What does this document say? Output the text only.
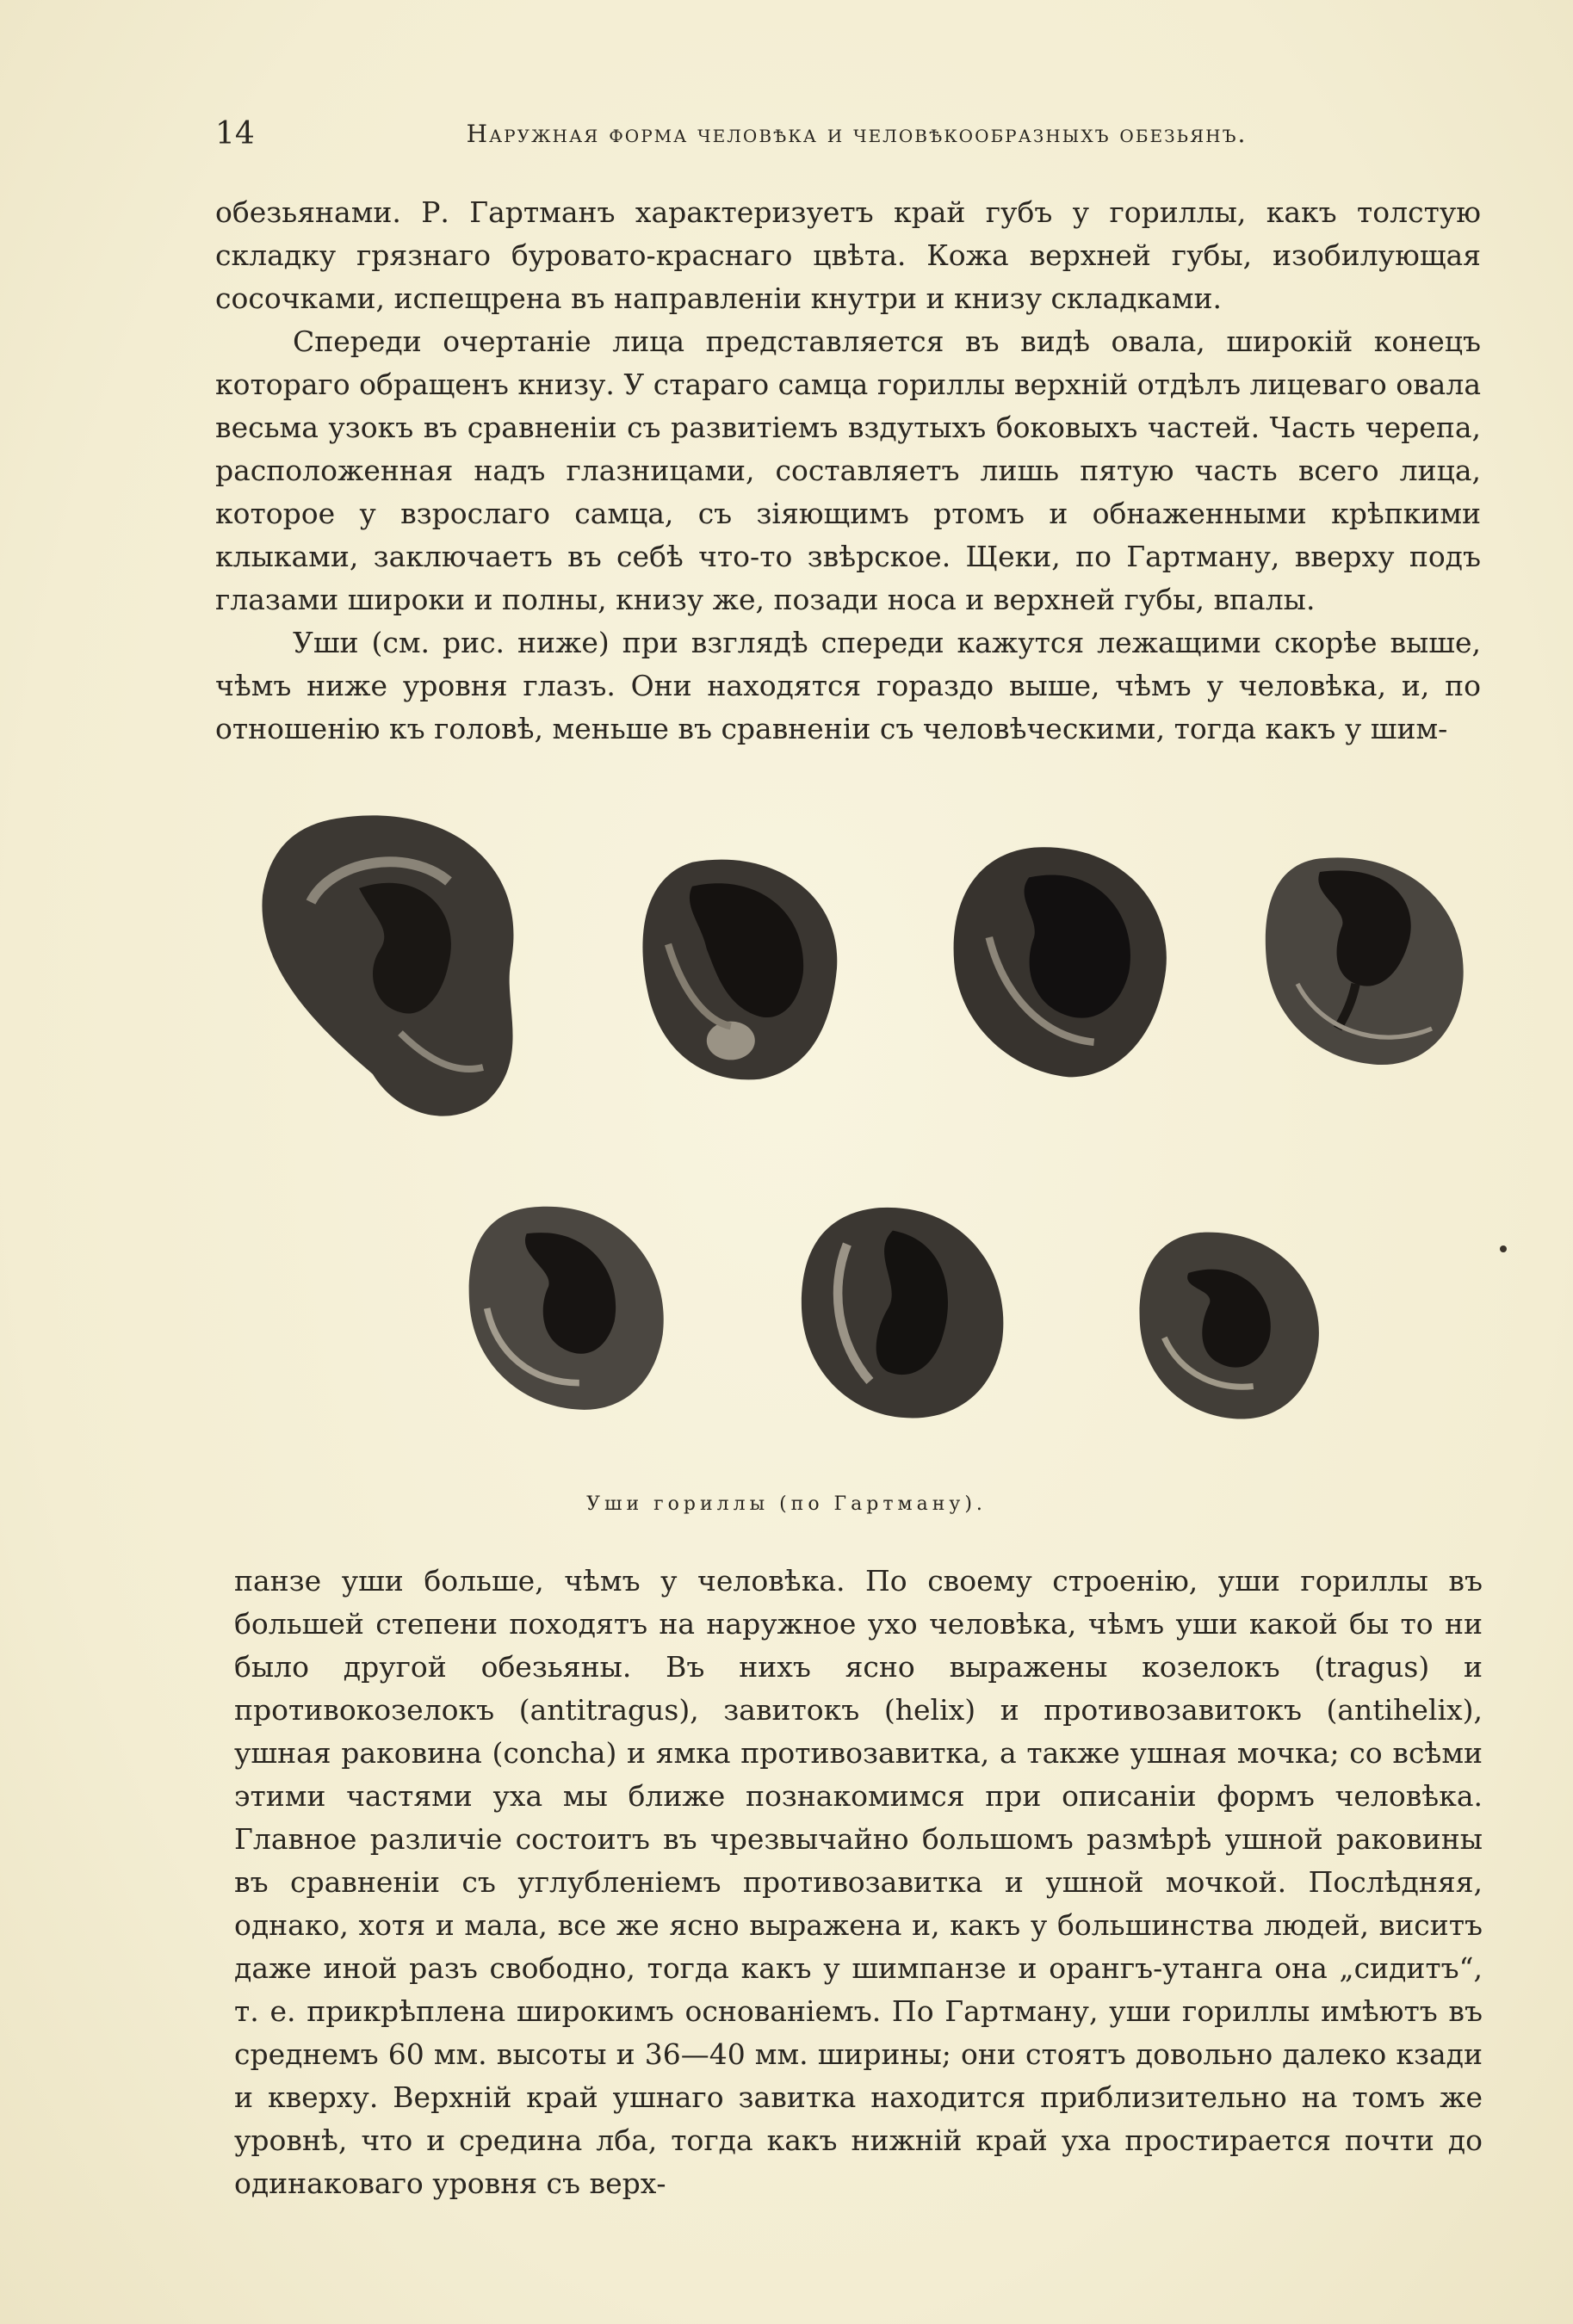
14	Наружная форма человѣка и человѣкообразныхъ обезьянъ.

обезьянами. Р. Гартманъ характеризуетъ край губъ у гориллы, какъ толстую складку грязнаго буровато-краснаго цвѣта. Кожа верхней губы, изобилующая сосочками, испещрена въ направленіи кнутри и книзу складками.

Спереди очертаніе лица представляется въ видѣ овала, широкій конецъ котораго обращенъ книзу. У стараго самца гориллы верхній отдѣлъ лицеваго овала весьма узокъ въ сравненіи съ развитіемъ вздутыхъ боковыхъ частей. Часть черепа, расположенная надъ глазницами, составляетъ лишь пятую часть всего лица, которое у взрослаго самца, съ зіяющимъ ртомъ и обнаженными крѣпкими клыками, заключаетъ въ себѣ что-то звѣрское. Щеки, по Гартману, вверху подъ глазами широки и полны, книзу же, позади носа и верхней губы, впалы.

Уши (см. рис. ниже) при взглядѣ спереди кажутся лежащими скорѣе выше, чѣмъ ниже уровня глазъ. Они находятся гораздо выше, чѣмъ у человѣка, и, по отношенію къ головѣ, меньше въ сравненіи съ человѣческими, тогда какъ у шим-

Уши гориллы (по Гартману).

панзе уши больше, чѣмъ у человѣка. По своему строенію, уши гориллы въ большей степени походятъ на наружное ухо человѣка, чѣмъ уши какой бы то ни было другой обезьяны. Въ нихъ ясно выражены козелокъ (tragus) и противокозелокъ (antitragus), завитокъ (helix) и противозавитокъ (antihelix), ушная раковина (concha) и ямка противозавитка, а также ушная мочка; со всѣми этими частями уха мы ближе познакомимся при описаніи формъ человѣка. Главное различіе состоитъ въ чрезвычайно большомъ размѣрѣ ушной раковины въ сравненіи съ углубленіемъ противозавитка и ушной мочкой. Послѣдняя, однако, хотя и мала, все же ясно выражена и, какъ у большинства людей, виситъ даже иной разъ свободно, тогда какъ у шимпанзе и орангъ-утанга она „сидитъ“, т. е. прикрѣплена широкимъ основаніемъ. По Гартману, уши гориллы имѣютъ въ среднемъ 60 мм. высоты и 36—40 мм. ширины; они стоятъ довольно далеко кзади и кверху. Верхній край ушнаго завитка находится приблизительно на томъ же уровнѣ, что и средина лба, тогда какъ нижній край уха простирается почти до одинаковаго уровня съ верх-
